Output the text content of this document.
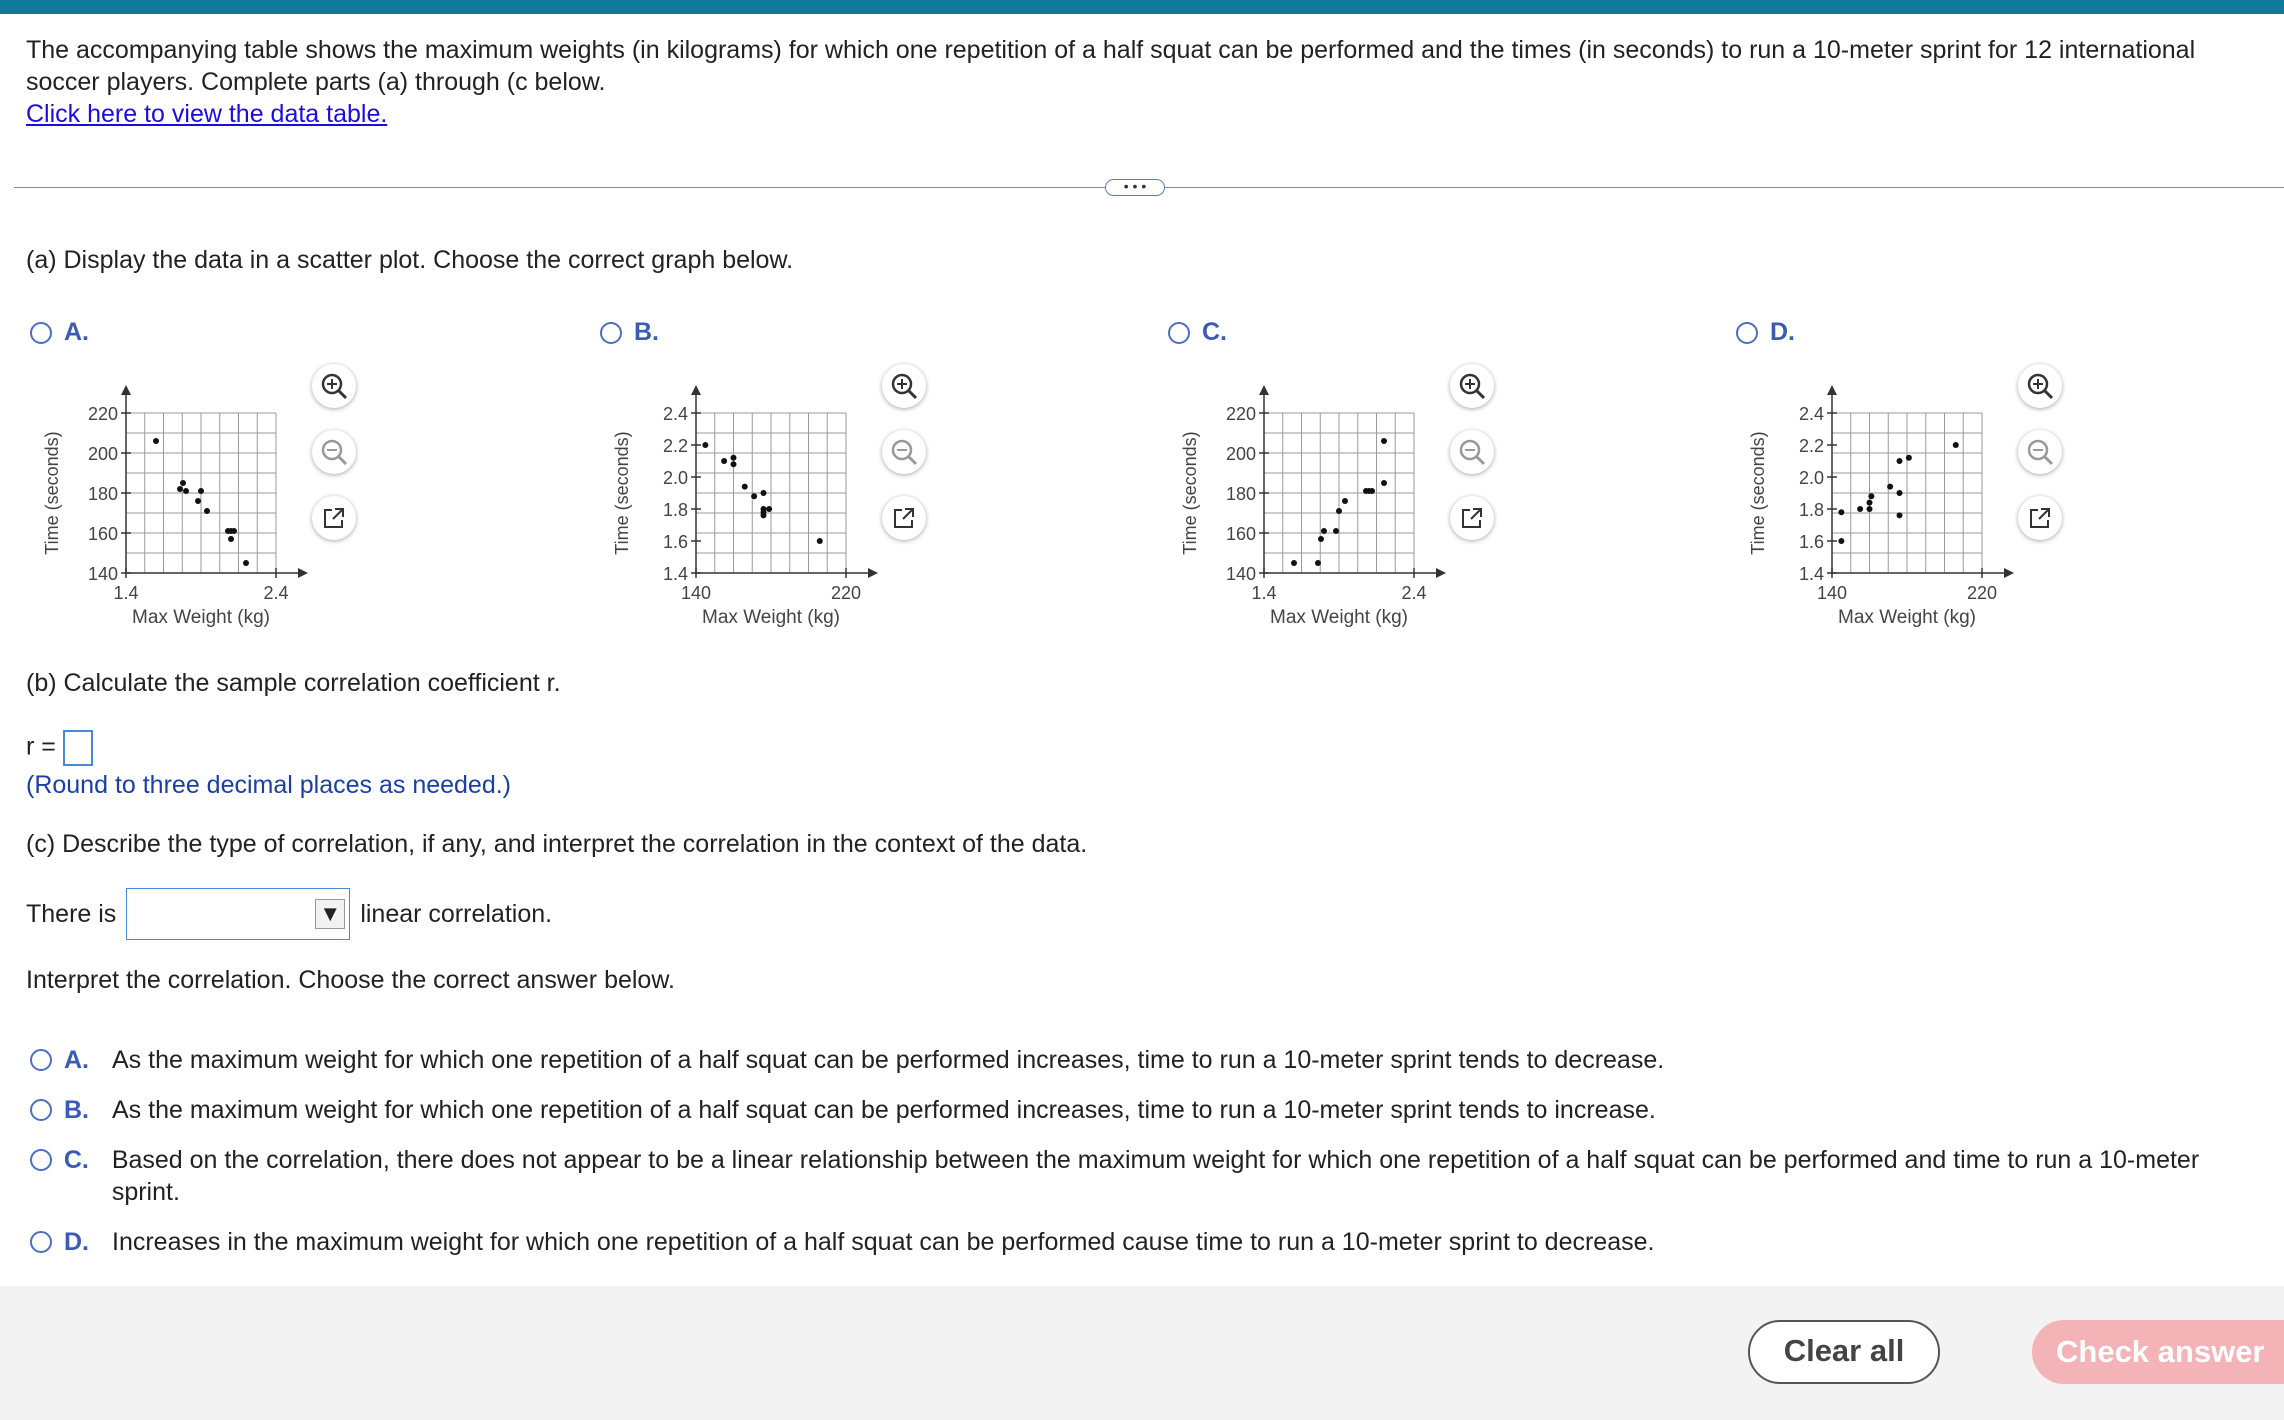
The accompanying table shows the maximum weights (in kilograms) for which one repetition of a half squat can be performed and the times (in seconds) to run a 10-meter sprint for 12 international

soccer players. Complete parts (a) through (c below.

Click here to view the data table.
• • •
(a) Display the data in a scatter plot. Choose the correct graph below.
A.
140
160
180
200
220
1.4	2.4
Max Weight (kg)
Time (seconds)
B.
1.4
1.6
1.8
2.0
2.2
2.4
140	220
Max Weight (kg)
Time (seconds)
C.
140
160
180
200
220
1.4	2.4
Max Weight (kg)
Time (seconds)
D.
1.4
1.6
1.8
2.0
2.2
2.4
140	220
Max Weight (kg)
Time (seconds)
(b) Calculate the sample correlation coefficient r.
r =
(Round to three decimal places as needed.)
(c) Describe the type of correlation, if any, and interpret the correlation in the context of the data.
There is	▼ linear correlation.
Interpret the correlation. Choose the correct answer below.
A. As the maximum weight for which one repetition of a half squat can be performed increases, time to run a 10-meter sprint tends to decrease.
B. As the maximum weight for which one repetition of a half squat can be performed increases, time to run a 10-meter sprint tends to increase.
C. Based on the correlation, there does not appear to be a linear relationship between the maximum weight for which one repetition of a half squat can be performed and time to run a 10-meter sprint.
D. Increases in the maximum weight for which one repetition of a half squat can be performed cause time to run a 10-meter sprint to decrease.
Clear all	Check answer
